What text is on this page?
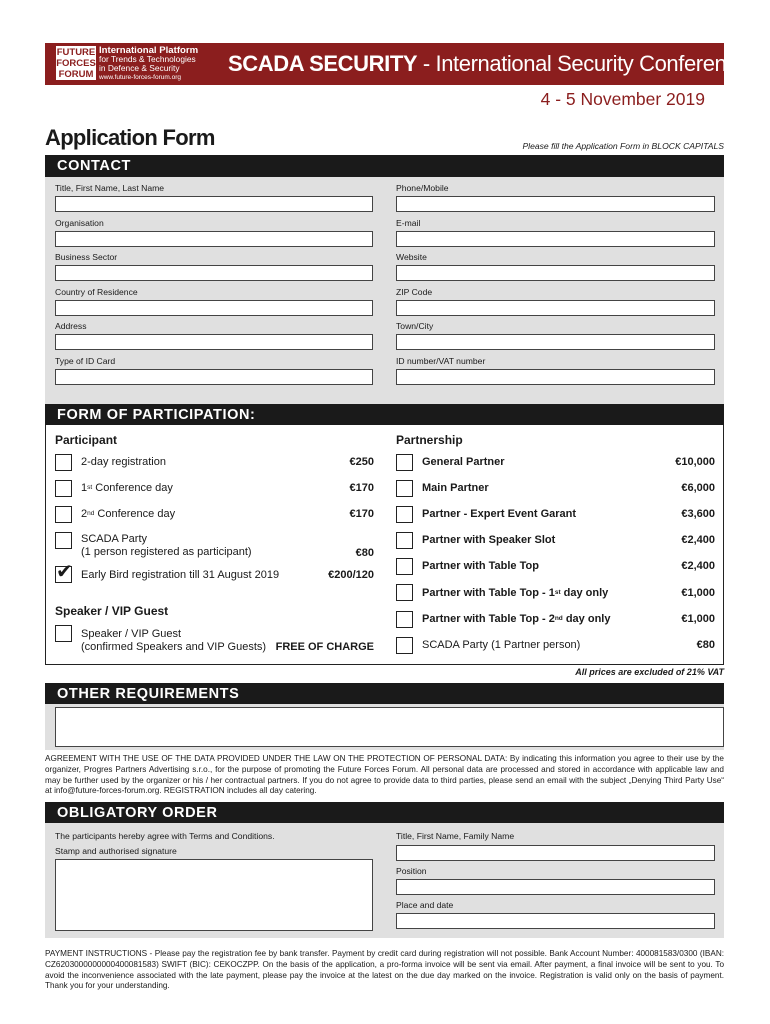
FUTURE
FORCES
FORUM
International Platform
for Trends & Technologies
in Defence & Security
www.future-forces-forum.org
SCADA SECURITY - International Security Conference
4 - 5 November 2019
Application Form	Please fill the Application Form in BLOCK CAPITALS
CONTACT
Title, First Name, Last Name	Phone/Mobile
Organisation	E-mail
Business Sector	Website
Country of Residence	ZIP Code
Address	Town/City
Type of ID Card	ID number/VAT number
FORM OF PARTICIPATION:
Participant
2-day registration	€250
1st Conference day	€170
2nd Conference day	€170
SCADA Party
(1 person registered as participant)	€80
✔ Early Bird registration till 31 August 2019	€200/120
Speaker / VIP Guest
Speaker / VIP Guest
(confirmed Speakers and VIP Guests) FREE OF CHARGE
Partnership
General Partner	€10,000
Main Partner	€6,000
Partner - Expert Event Garant	€3,600
Partner with Speaker Slot	€2,400
Partner with Table Top	€2,400
Partner with Table Top - 1st day only	€1,000
Partner with Table Top - 2nd day only	€1,000
SCADA Party (1 Partner person)	€80
All prices are excluded of 21% VAT
OTHER REQUIREMENTS
AGREEMENT WITH THE USE OF THE DATA PROVIDED UNDER THE LAW ON THE PROTECTION OF PERSONAL DATA: By indicating this information you agree to their use by the organizer, Progres Partners Advertising s.r.o., for the purpose of promoting the Future Forces Forum. All personal data are processed and stored in accordance with applicable law and may be further used by the organizer or his / her contractual partners. If you do not agree to provide data to third parties, please send an email with the subject „Denying Third Party Use“ at info@future-forces-forum.org. REGISTRATION includes all day catering.
OBLIGATORY ORDER
The participants hereby agree with Terms and Conditions.
Stamp and authorised signature
Title, First Name, Family Name
Position
Place and date
PAYMENT INSTRUCTIONS - Please pay the registration fee by bank transfer. Payment by credit card during registration will not possible. Bank Account Number: 400081583/0300 (IBAN: CZ6203000000000400081583) SWIFT (BIC): CEKOCZPP. On the basis of the application, a pro-forma invoice will be sent via email. After payment, a final invoice will be sent to you. To avoid the inconvenience associated with the late payment, please pay the invoice at the latest on the due day marked on the invoice. Registration is valid only on the basis of payment. Thank you for your understanding.
